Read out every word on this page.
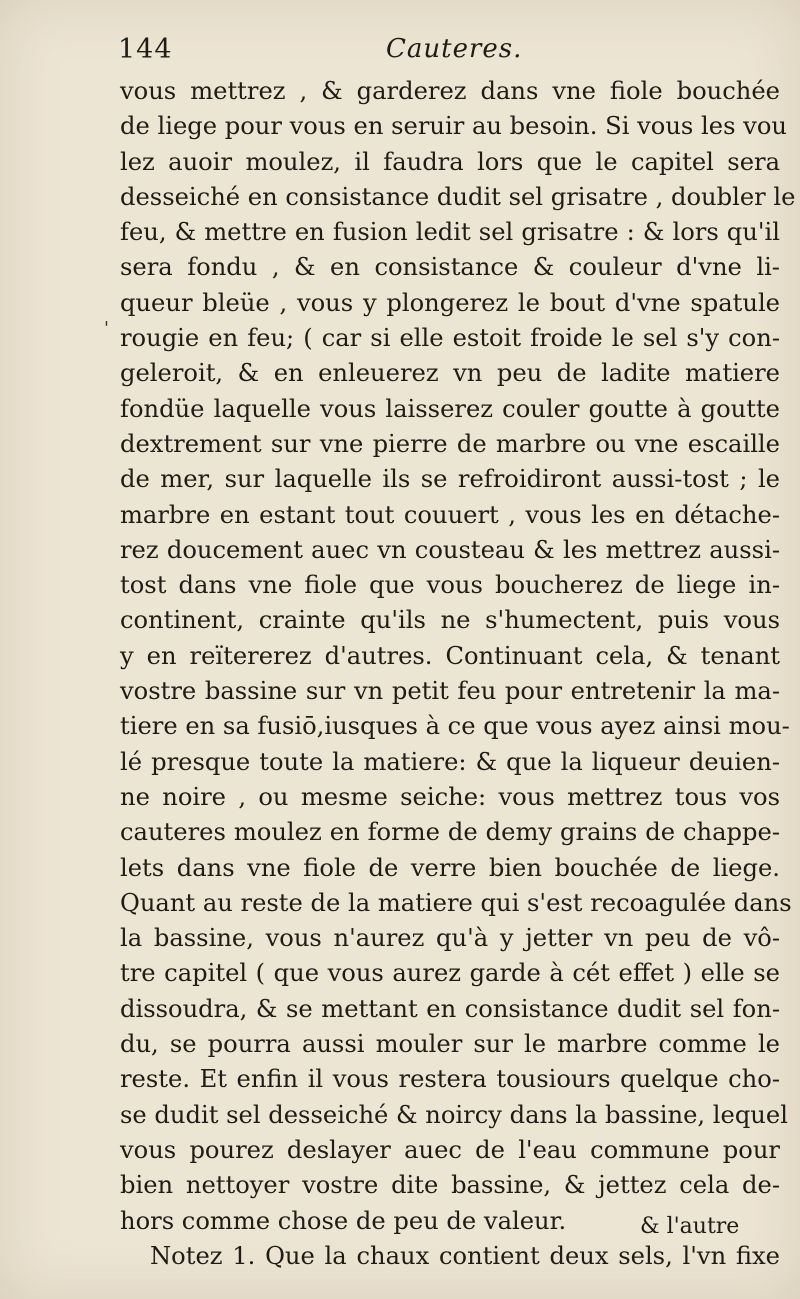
144	Cauteres.
'
vous mettrez , & garderez dans vne fiole bouchée
de liege pour vous en seruir au besoin. Si vous les vou
lez auoir moulez, il faudra lors que le capitel sera
desseiché en consistance dudit sel grisatre , doubler le
feu, & mettre en fusion ledit sel grisatre : & lors qu'il
sera fondu , & en consistance & couleur d'vne li-
queur bleüe , vous y plongerez le bout d'vne spatule
rougie en feu; ( car si elle estoit froide le sel s'y con-
geleroit, & en enleuerez vn peu de ladite matiere
fondüe laquelle vous laisserez couler goutte à goutte
dextrement sur vne pierre de marbre ou vne escaille
de mer, sur laquelle ils se refroidiront aussi-tost ; le
marbre en estant tout couuert , vous les en détache-
rez doucement auec vn cousteau & les mettrez aussi-
tost dans vne fiole que vous boucherez de liege in-
continent, crainte qu'ils ne s'humectent, puis vous
y en reïtererez d'autres. Continuant cela, & tenant
vostre bassine sur vn petit feu pour entretenir la ma-
tiere en sa fusiō,iusques à ce que vous ayez ainsi mou-
lé presque toute la matiere: & que la liqueur deuien-
ne noire , ou mesme seiche: vous mettrez tous vos
cauteres moulez en forme de demy grains de chappe-
lets dans vne fiole de verre bien bouchée de liege.
Quant au reste de la matiere qui s'est recoagulée dans
la bassine, vous n'aurez qu'à y jetter vn peu de vô-
tre capitel ( que vous aurez garde à cét effet ) elle se
dissoudra, & se mettant en consistance dudit sel fon-
du, se pourra aussi mouler sur le marbre comme le
reste. Et enfin il vous restera tousiours quelque cho-
se dudit sel desseiché & noircy dans la bassine, lequel
vous pourez deslayer auec de l'eau commune pour
bien nettoyer vostre dite bassine, & jettez cela de-
hors comme chose de peu de valeur.
Notez 1. Que la chaux contient deux sels, l'vn fixe
& l'autre
